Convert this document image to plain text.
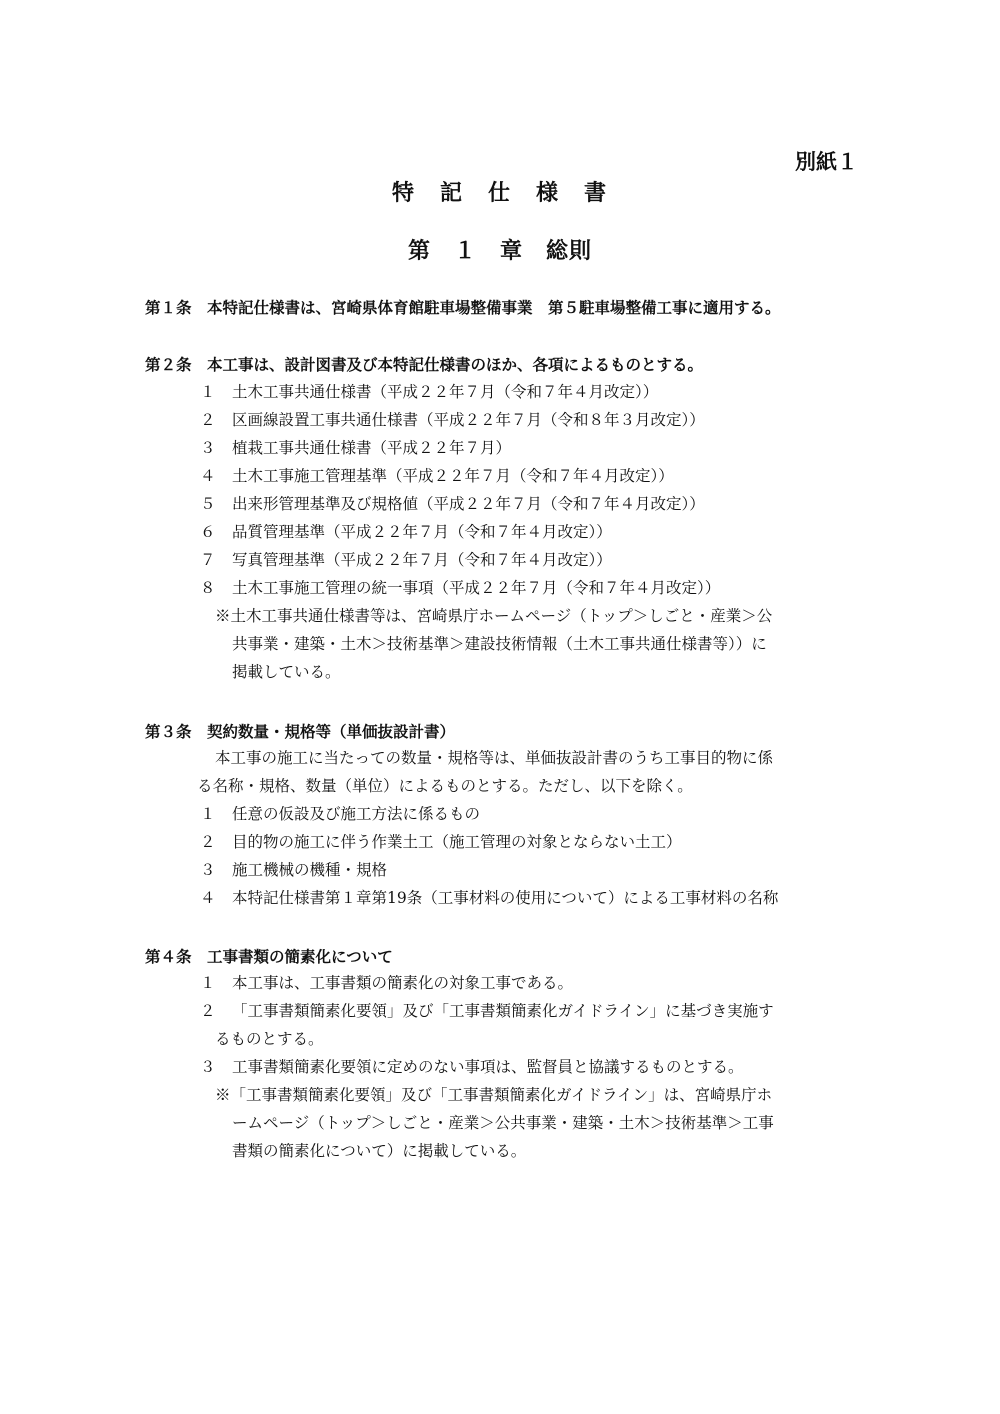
別紙１
特　記　仕　様　書
第　１　章　総則
第１条　本特記仕様書は、宮崎県体育館駐車場整備事業　第５駐車場整備工事に適用する。
第２条　本工事は、設計図書及び本特記仕様書のほか、各項によるものとする。
１ 土木工事共通仕様書（平成２２年７月（令和７年４月改定））
２ 区画線設置工事共通仕様書（平成２２年７月（令和８年３月改定））
３ 植栽工事共通仕様書（平成２２年７月）
４ 土木工事施工管理基準（平成２２年７月（令和７年４月改定））
５ 出来形管理基準及び規格値（平成２２年７月（令和７年４月改定））
６ 品質管理基準（平成２２年７月（令和７年４月改定））
７ 写真管理基準（平成２２年７月（令和７年４月改定））
８ 土木工事施工管理の統一事項（平成２２年７月（令和７年４月改定））
※土木工事共通仕様書等は、宮崎県庁ホームページ（トップ＞しごと・産業＞公
共事業・建築・土木＞技術基準＞建設技術情報（土木工事共通仕様書等））に
掲載している。
第３条　契約数量・規格等（単価抜設計書）
本工事の施工に当たっての数量・規格等は、単価抜設計書のうち工事目的物に係
る名称・規格、数量（単位）によるものとする。ただし、以下を除く。
１ 任意の仮設及び施工方法に係るもの
２ 目的物の施工に伴う作業土工（施工管理の対象とならない土工）
３ 施工機械の機種・規格
４ 本特記仕様書第１章第19条（工事材料の使用について）による工事材料の名称
第４条　工事書類の簡素化について
１ 本工事は、工事書類の簡素化の対象工事である。
２ 「工事書類簡素化要領」及び「工事書類簡素化ガイドライン」に基づき実施す
るものとする。
３ 工事書類簡素化要領に定めのない事項は、監督員と協議するものとする。
※「工事書類簡素化要領」及び「工事書類簡素化ガイドライン」は、宮崎県庁ホ
ームページ（トップ＞しごと・産業＞公共事業・建築・土木＞技術基準＞工事
書類の簡素化について）に掲載している。
